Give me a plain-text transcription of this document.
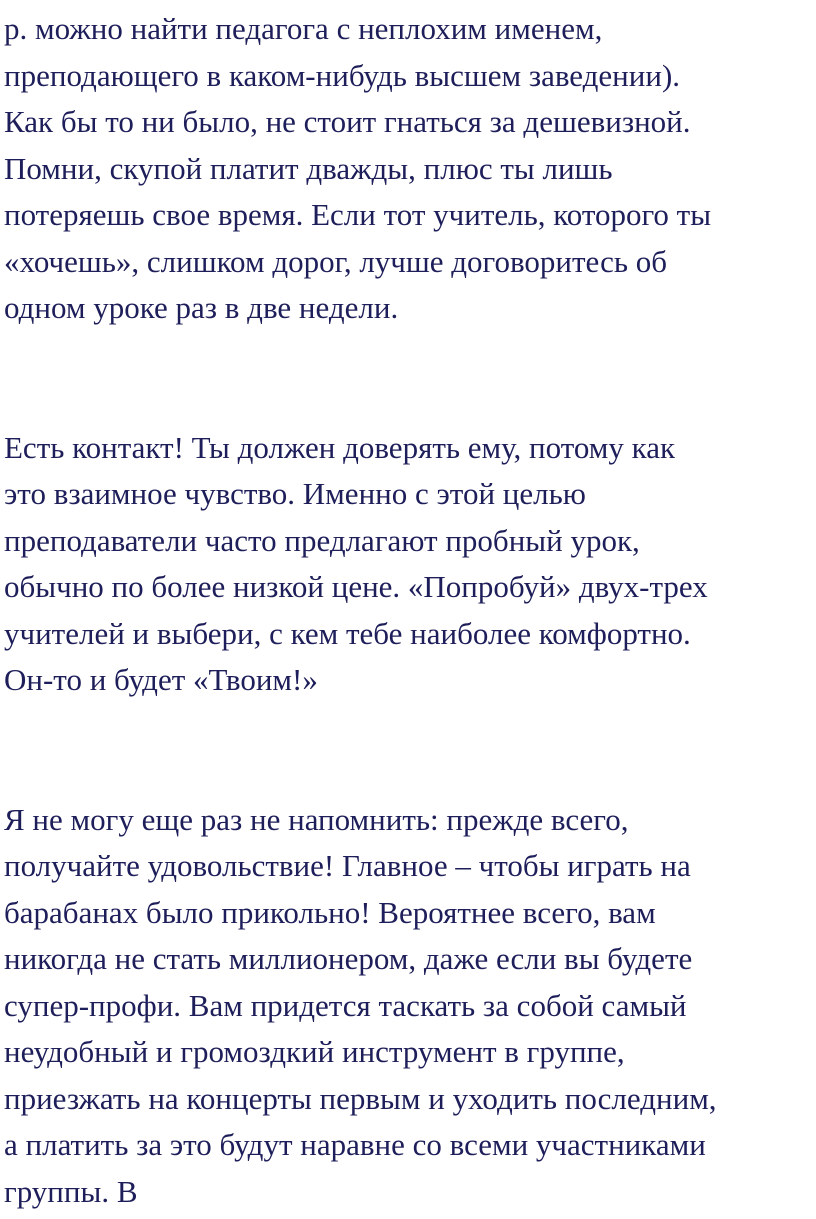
р. можно найти педагога с неплохим именем,
преподающего в каком-нибудь высшем заведении).
Как бы то ни было, не стоит гнаться за дешевизной.
Помни, скупой платит дважды, плюс ты лишь
потеряешь свое время. Если тот учитель, которого ты
«хочешь», слишком дорог, лучше договоритесь об
одном уроке раз в две недели.
Есть контакт! Ты должен доверять ему, потому как
это взаимное чувство. Именно с этой целью
преподаватели часто предлагают пробный урок,
обычно по более низкой цене. «Попробуй» двух-трех
учителей и выбери, с кем тебе наиболее комфортно.
Он-то и будет «Твоим!»
Я не могу еще раз не напомнить: прежде всего,
получайте удовольствие! Главное – чтобы играть на
барабанах было прикольно! Вероятнее всего, вам
никогда не стать миллионером, даже если вы будете
супер-профи. Вам придется таскать за собой самый
неудобный и громоздкий инструмент в группе,
приезжать на концерты первым и уходить последним,
а платить за это будут наравне со всеми участниками
группы. В
